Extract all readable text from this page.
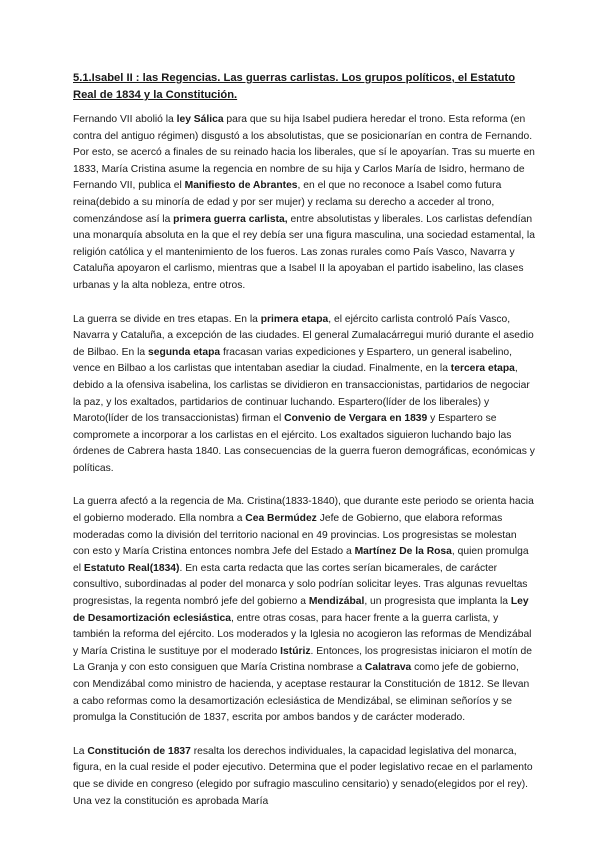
5.1.Isabel II : las Regencias. Las guerras carlistas. Los grupos políticos, el Estatuto Real de 1834 y la Constitución.
Fernando VII abolió la ley Sálica para que su hija Isabel pudiera heredar el trono. Esta reforma (en contra del antiguo régimen) disgustó a los absolutistas, que se posicionarían en contra de Fernando. Por esto, se acercó a finales de su reinado hacia los liberales, que sí le apoyarían. Tras su muerte en 1833, María Cristina asume la regencia en nombre de su hija y Carlos María de Isidro, hermano de Fernando VII, publica el Manifiesto de Abrantes, en el que no reconoce a Isabel como futura reina(debido a su minoría de edad y por ser mujer) y reclama su derecho a acceder al trono, comenzándose así la primera guerra carlista, entre absolutistas y liberales. Los carlistas defendían una monarquía absoluta en la que el rey debía ser una figura masculina, una sociedad estamental, la religión católica y el mantenimiento de los fueros. Las zonas rurales como País Vasco, Navarra y Cataluña apoyaron el carlismo, mientras que a Isabel II la apoyaban el partido isabelino, las clases urbanas y la alta nobleza, entre otros.
La guerra se divide en tres etapas. En la primera etapa, el ejército carlista controló País Vasco, Navarra y Cataluña, a excepción de las ciudades. El general Zumalacárregui murió durante el asedio de Bilbao. En la segunda etapa fracasan varias expediciones y Espartero, un general isabelino, vence en Bilbao a los carlistas que intentaban asediar la ciudad. Finalmente, en la tercera etapa, debido a la ofensiva isabelina, los carlistas se dividieron en transaccionistas, partidarios de negociar la paz, y los exaltados, partidarios de continuar luchando. Espartero(líder de los liberales) y Maroto(líder de los transaccionistas) firman el Convenio de Vergara en 1839 y Espartero se compromete a incorporar a los carlistas en el ejército. Los exaltados siguieron luchando bajo las órdenes de Cabrera hasta 1840. Las consecuencias de la guerra fueron demográficas, económicas y políticas.
La guerra afectó a la regencia de Ma. Cristina(1833-1840), que durante este periodo se orienta hacia el gobierno moderado. Ella nombra a Cea Bermúdez Jefe de Gobierno, que elabora reformas moderadas como la división del territorio nacional en 49 provincias. Los progresistas se molestan con esto y María Cristina entonces nombra Jefe del Estado a Martínez De la Rosa, quien promulga el Estatuto Real(1834). En esta carta redacta que las cortes serían bicamerales, de carácter consultivo, subordinadas al poder del monarca y solo podrían solicitar leyes. Tras algunas revueltas progresistas, la regenta nombró jefe del gobierno a Mendizábal, un progresista que implanta la Ley de Desamortización eclesiástica, entre otras cosas, para hacer frente a la guerra carlista, y también la reforma del ejército. Los moderados y la Iglesia no acogieron las reformas de Mendizábal y María Cristina le sustituye por el moderado Istúriz. Entonces, los progresistas iniciaron el motín de La Granja y con esto consiguen que María Cristina nombrase a Calatrava como jefe de gobierno, con Mendizábal como ministro de hacienda, y aceptase restaurar la Constitución de 1812. Se llevan a cabo reformas como la desamortización eclesiástica de Mendizábal, se eliminan señoríos y se promulga la Constitución de 1837, escrita por ambos bandos y de carácter moderado.
La Constitución de 1837 resalta los derechos individuales, la capacidad legislativa del monarca, figura, en la cual reside el poder ejecutivo. Determina que el poder legislativo recae en el parlamento que se divide en congreso (elegido por sufragio masculino censitario) y senado(elegidos por el rey). Una vez la constitución es aprobada María
